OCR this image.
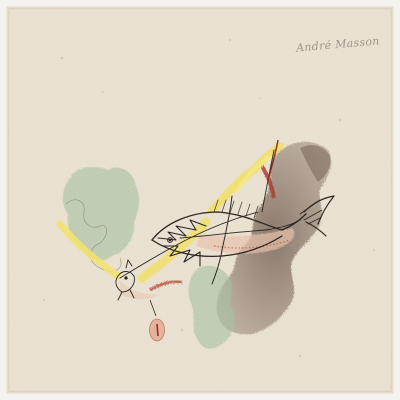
André Masson
